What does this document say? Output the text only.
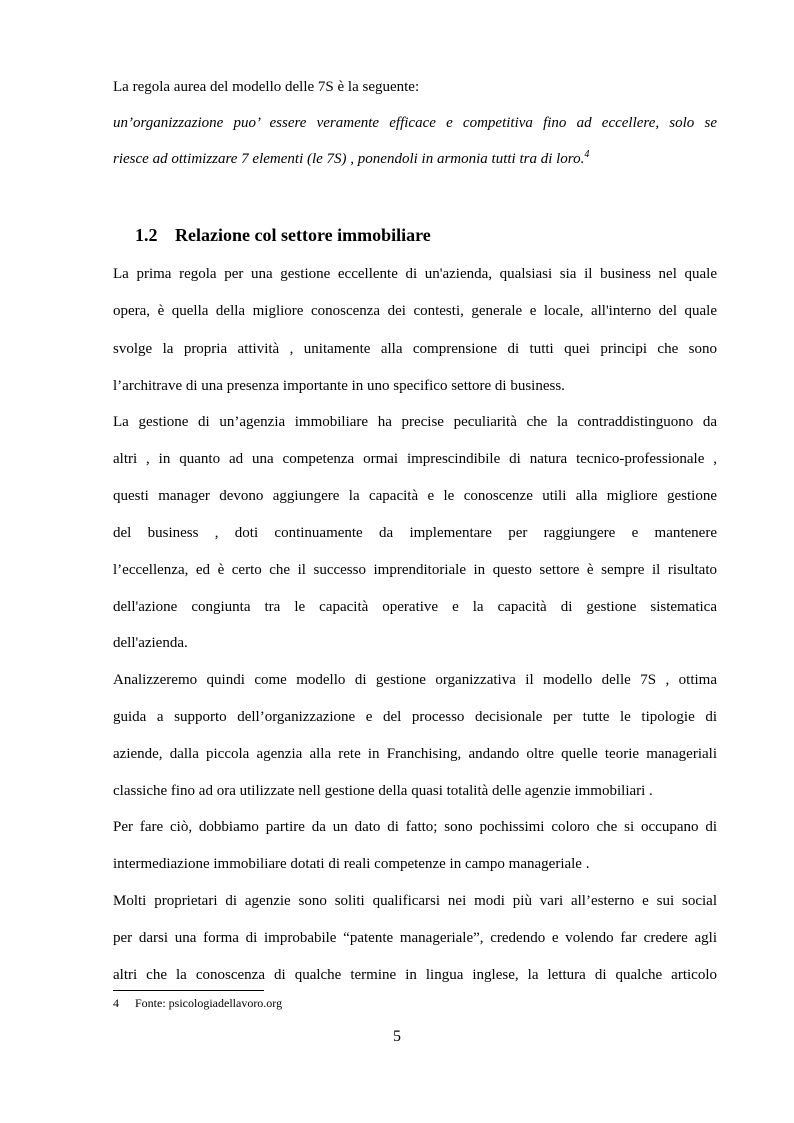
La regola aurea del modello delle 7S è la seguente:
un’organizzazione puo’ essere veramente efficace e competitiva fino ad eccellere, solo se
riesce ad ottimizzare 7 elementi (le 7S) , ponendoli in armonia tutti tra di loro.$^4$
1.2 Relazione col settore immobiliare
La prima regola per una gestione eccellente di un'azienda, qualsiasi sia il business nel quale
opera, è quella della migliore conoscenza dei contesti, generale e locale, all'interno del quale
svolge la propria attività , unitamente alla comprensione di tutti quei principi che sono
l’architrave di una presenza importante in uno specifico settore di business.
La gestione di un’agenzia immobiliare ha precise peculiarità che la contraddistinguono da
altri , in quanto ad una competenza ormai imprescindibile di natura tecnico-professionale ,
questi manager devono aggiungere la capacità e le conoscenze utili alla migliore gestione
del business , doti continuamente da implementare per raggiungere e mantenere
l’eccellenza, ed è certo che il successo imprenditoriale in questo settore è sempre il risultato
dell'azione congiunta tra le capacità operative e la capacità di gestione sistematica
dell'azienda.
Analizzeremo quindi come modello di gestione organizzativa il modello delle 7S , ottima
guida a supporto dell’organizzazione e del processo decisionale per tutte le tipologie di
aziende, dalla piccola agenzia alla rete in Franchising, andando oltre quelle teorie manageriali
classiche fino ad ora utilizzate nell gestione della quasi totalità delle agenzie immobiliari .
Per fare ciò, dobbiamo partire da un dato di fatto; sono pochissimi coloro che si occupano di
intermediazione immobiliare dotati di reali competenze in campo manageriale .
Molti proprietari di agenzie sono soliti qualificarsi nei modi più vari all’esterno e sui social
per darsi una forma di improbabile “patente manageriale”, credendo e volendo far credere agli
altri che la conoscenza di qualche termine in lingua inglese, la lettura di qualche articolo
4 Fonte: psicologiadellavoro.org
5
